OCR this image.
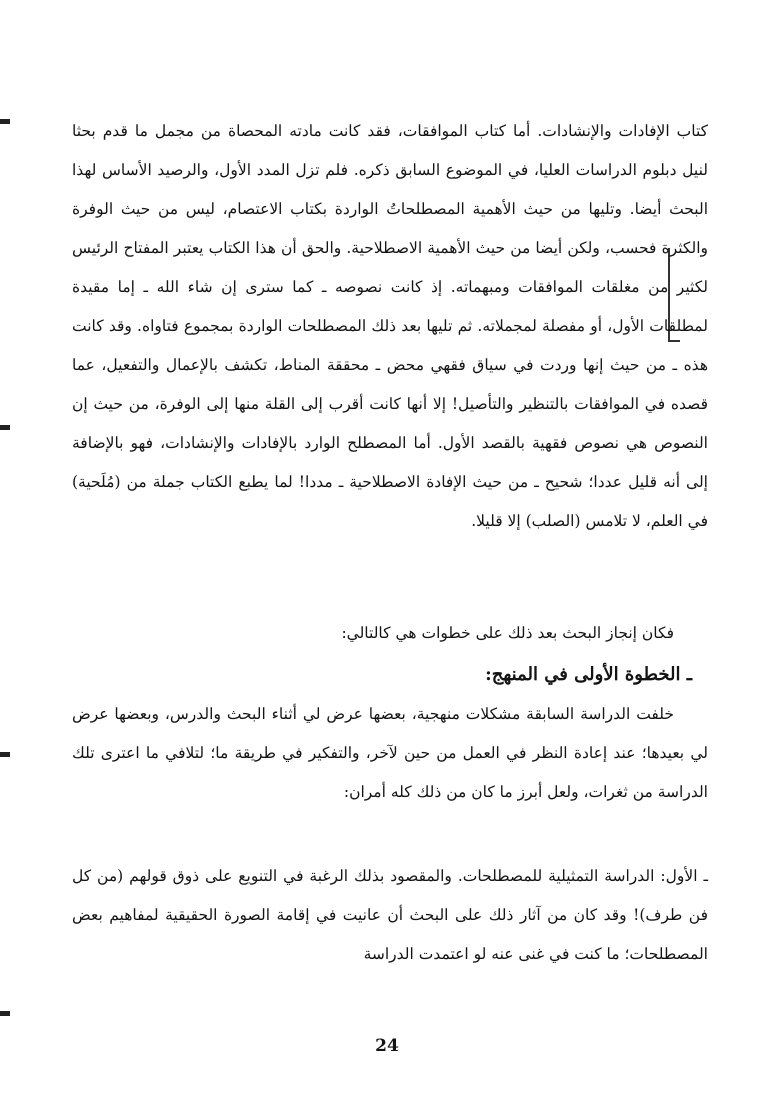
كتاب الإفادات والإنشادات. أما كتاب الموافقات، فقد كانت مادته المحصاة من مجمل ما قدم بحثا لنيل دبلوم الدراسات العليا، في الموضوع السابق ذكره. فلم تزل المدد الأول، والرصيد الأساس لهذا البحث أيضا. وتليها من حيث الأهمية المصطلحاتُ الواردة بكتاب الاعتصام، ليس من حيث الوفرة والكثرة فحسب، ولكن أيضا من حيث الأهمية الاصطلاحية. والحق أن هذا الكتاب يعتبر المفتاح الرئيس لكثير من مغلقات الموافقات ومبهماته. إذ كانت نصوصه ـ كما سترى إن شاء الله ـ إما مقيدة لمطلقات الأول، أو مفصلة لمجملاته. ثم تليها بعد ذلك المصطلحات الواردة بمجموع فتاواه. وقد كانت هذه ـ من حيث إنها وردت في سياق فقهي محض ـ محققة المناط، تكشف بالإعمال والتفعيل، عما قصده في الموافقات بالتنظير والتأصيل! إلا أنها كانت أقرب إلى القلة منها إلى الوفرة، من حيث إن النصوص هي نصوص فقهية بالقصد الأول. أما المصطلح الوارد بالإفادات والإنشادات، فهو بالإضافة إلى أنه قليل عددا؛ شحيح ـ من حيث الإفادة الاصطلاحية ـ مددا! لما يطبع الكتاب جملة من (مُلَحية) في العلم، لا تلامس (الصلب) إلا قليلا.

فكان إنجاز البحث بعد ذلك على خطوات هي كالتالي:

ـ الخطوة الأولى في المنهج:

خلفت الدراسة السابقة مشكلات منهجية، بعضها عرض لي أثناء البحث والدرس، وبعضها عرض لي بعيدها؛ عند إعادة النظر في العمل من حين لآخر، والتفكير في طريقة ما؛ لتلافي ما اعترى تلك الدراسة من ثغرات، ولعل أبرز ما كان من ذلك كله أمران:

ـ الأول: الدراسة التمثيلية للمصطلحات. والمقصود بذلك الرغبة في التنويع على ذوق قولهم (من كل فن طرف)! وقد كان من آثار ذلك على البحث أن عانيت في إقامة الصورة الحقيقية لمفاهيم بعض المصطلحات؛ ما كنت في غنى عنه لو اعتمدت الدراسة

24
